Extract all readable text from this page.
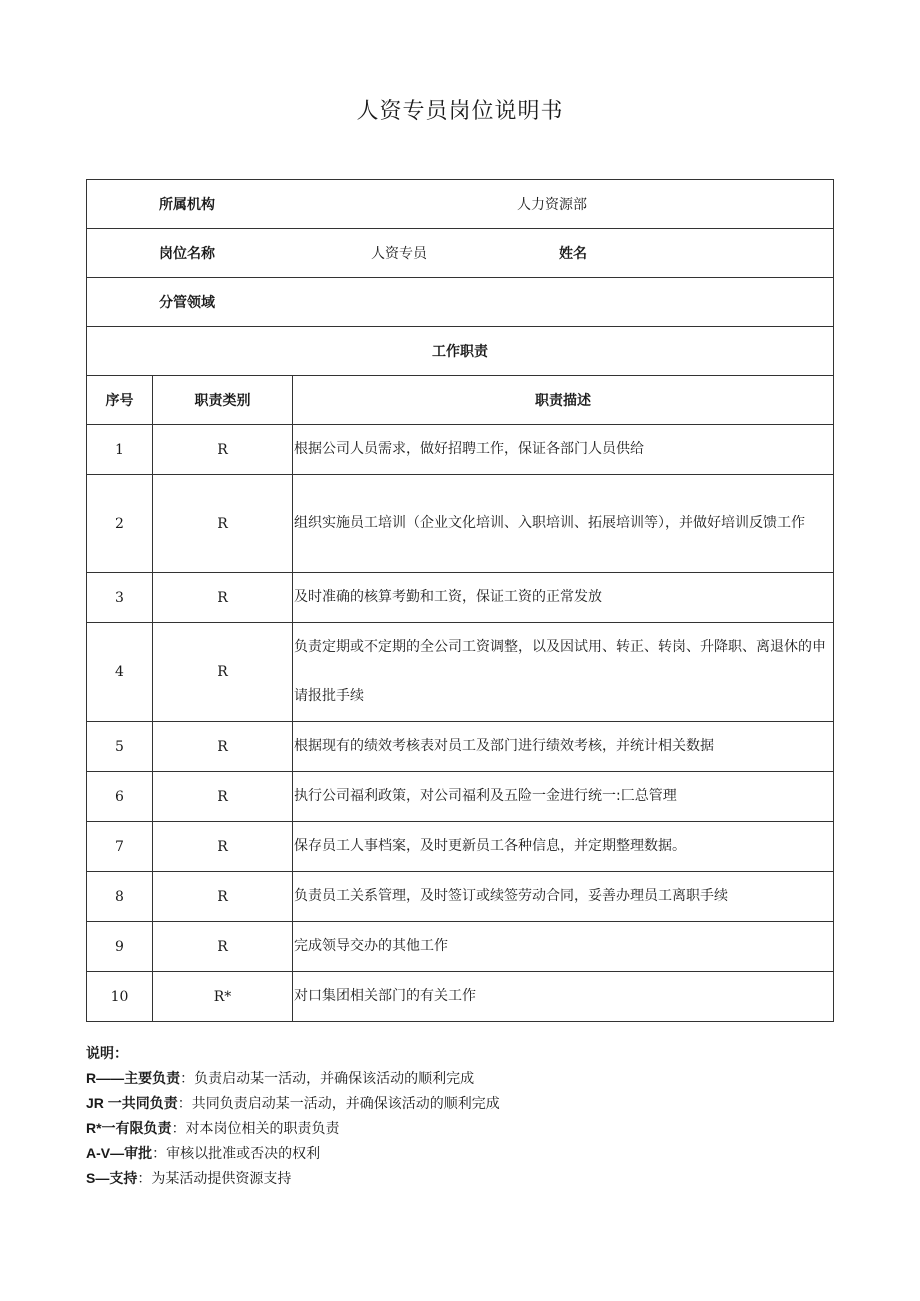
人资专员岗位说明书
所属机构 人力资源部		

岗位名称 人资专员 姓名		

分管领域		

工作职责		
序号	职责类别	职责描述
1	R	根据公司人员需求，做好招聘工作，保证各部门人员供给
2	R	组织实施员工培训（企业文化培训、入职培训、拓展培训等），并做好培训反馈工作
3	R	及时准确的核算考勤和工资，保证工资的正常发放
4	R	负责定期或不定期的全公司工资调整，以及因试用、转正、转岗、升降职、离退休的申请报批手续
5	R	根据现有的绩效考核表对员工及部门进行绩效考核，并统计相关数据
6	R	执行公司福利政策，对公司福利及五险一金进行统一:匚总管理
7	R	保存员工人事档案，及时更新员工各种信息，并定期整理数据。
8	R	负责员工关系管理，及时签订或续签劳动合同，妥善办理员工离职手续
9	R	完成领导交办的其他工作
10	R*	对口集团相关部门的有关工作
说明：
R——主要负责：负责启动某一活动，并确保该活动的顺利完成
JR 一共同负责：共同负责启动某一活动，并确保该活动的顺利完成
R*一有限负责：对本岗位相关的职责负责
A-V—审批：审核以批准或否决的权利
S—支持：为某活动提供资源支持
